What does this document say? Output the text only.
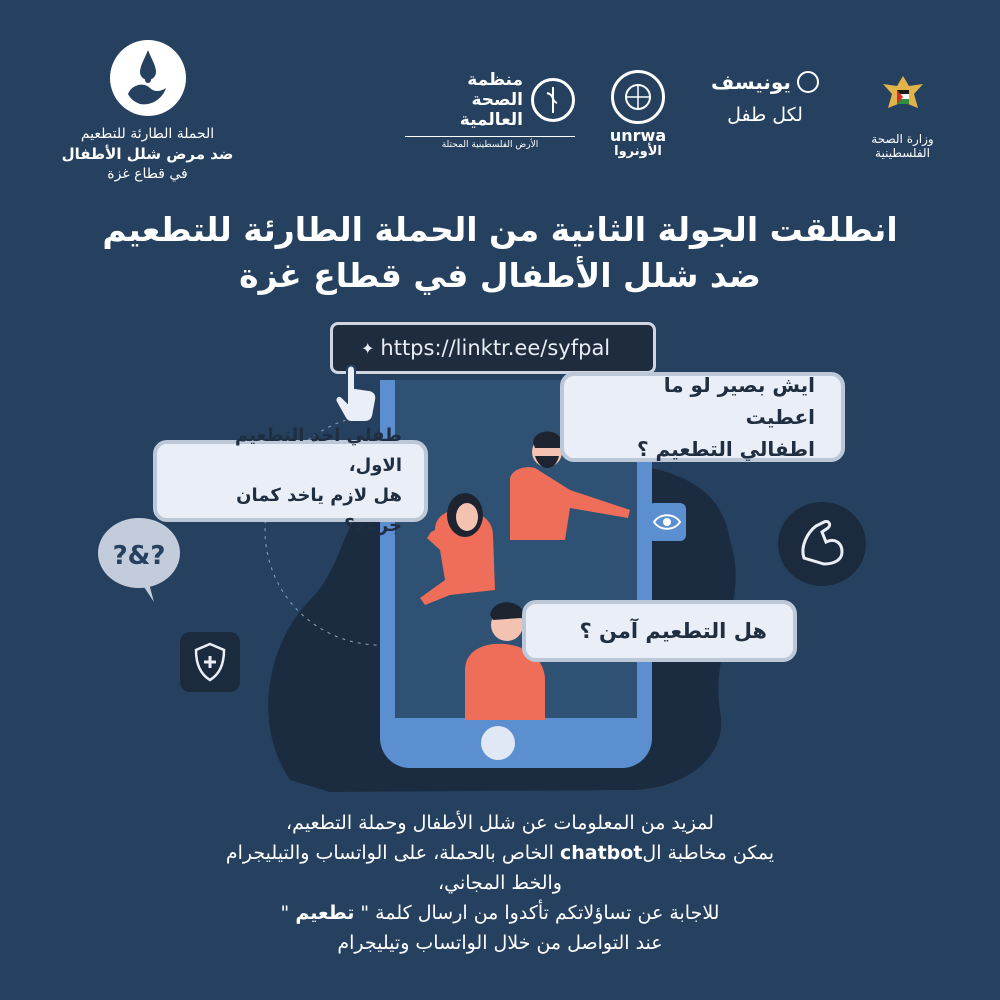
الحملة الطارئة للتطعيم
ضد مرض شلل الأطفال
في قطاع غزة
منظمة
الصحة العالمية
الأرض الفلسطينية المحتلة	unrwa
الأونروا
يونيسف
لكل طفل
وزارة الصحة الفلسطينية
انطلقت الجولة الثانية من الحملة الطارئة للتطعيم
ضد شلل الأطفال في قطاع غزة
✦ https://linktr.ee/syfpal
ايش بصير لو ما اعطيت
اطفالي التطعيم ؟
طفلي اخد التطعيم الاول،
هل لازم ياخد كمان جرعه؟
هل التطعيم آمن ؟
?&?
لمزيد من المعلومات عن شلل الأطفال وحملة التطعيم،
يمكن مخاطبة الchatbot الخاص بالحملة، على الواتساب والتيليجرام والخط المجاني،
للاجابة عن تساؤلاتكم تأكدوا من ارسال كلمة " تطعيم "
عند التواصل من خلال الواتساب وتيليجرام
